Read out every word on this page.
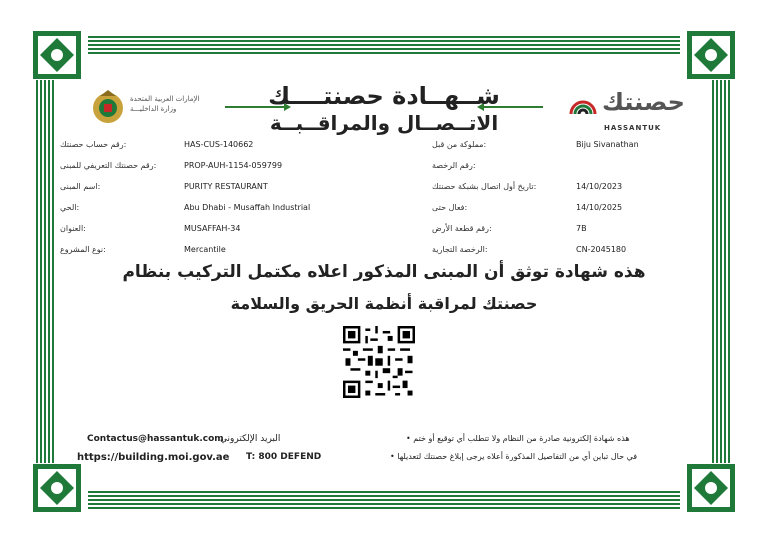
الإمارات العربية المتحدة
وزارة الداخليـــة	شــهــادة حصنتــــك
الاتــصــال والمراقــبــة
حصنتك
HASSANTUK
رقم حساب حصنتك:	HAS-CUS-140662
رقم حصنتك التعريفي للمبنى:	PROP-AUH-1154-059799
اسم المبنى:	PURITY RESTAURANT
الحي:	Abu Dhabi - Musaffah Industrial
العنوان:	MUSAFFAH-34
نوع المشروع:	Mercantile
مملوكة من قبل:	Biju Sivanathan
رقم الرخصة:
تاريخ أول اتصال بشبكة حصنتك:	14/10/2023
فعال حتى:	14/10/2025
رقم قطعة الأرض:	7B
الرخصة التجارية:	CN-2045180
هذه شهادة توثق أن المبنى المذكور اعلاه مكتمل التركيب بنظام
حصنتك لمراقبة أنظمة الحريق والسلامة
Contactus@hassantuk.com
البريد الإلكتروني
https://building.moi.gov.ae T: 800 DEFEND
• هذه شهادة إلكترونية صادرة من النظام ولا تتطلب أي توقيع أو ختم
• في حال تباين أي من التفاصيل المذكورة أعلاه يرجى إبلاغ حصنتك لتعديلها
